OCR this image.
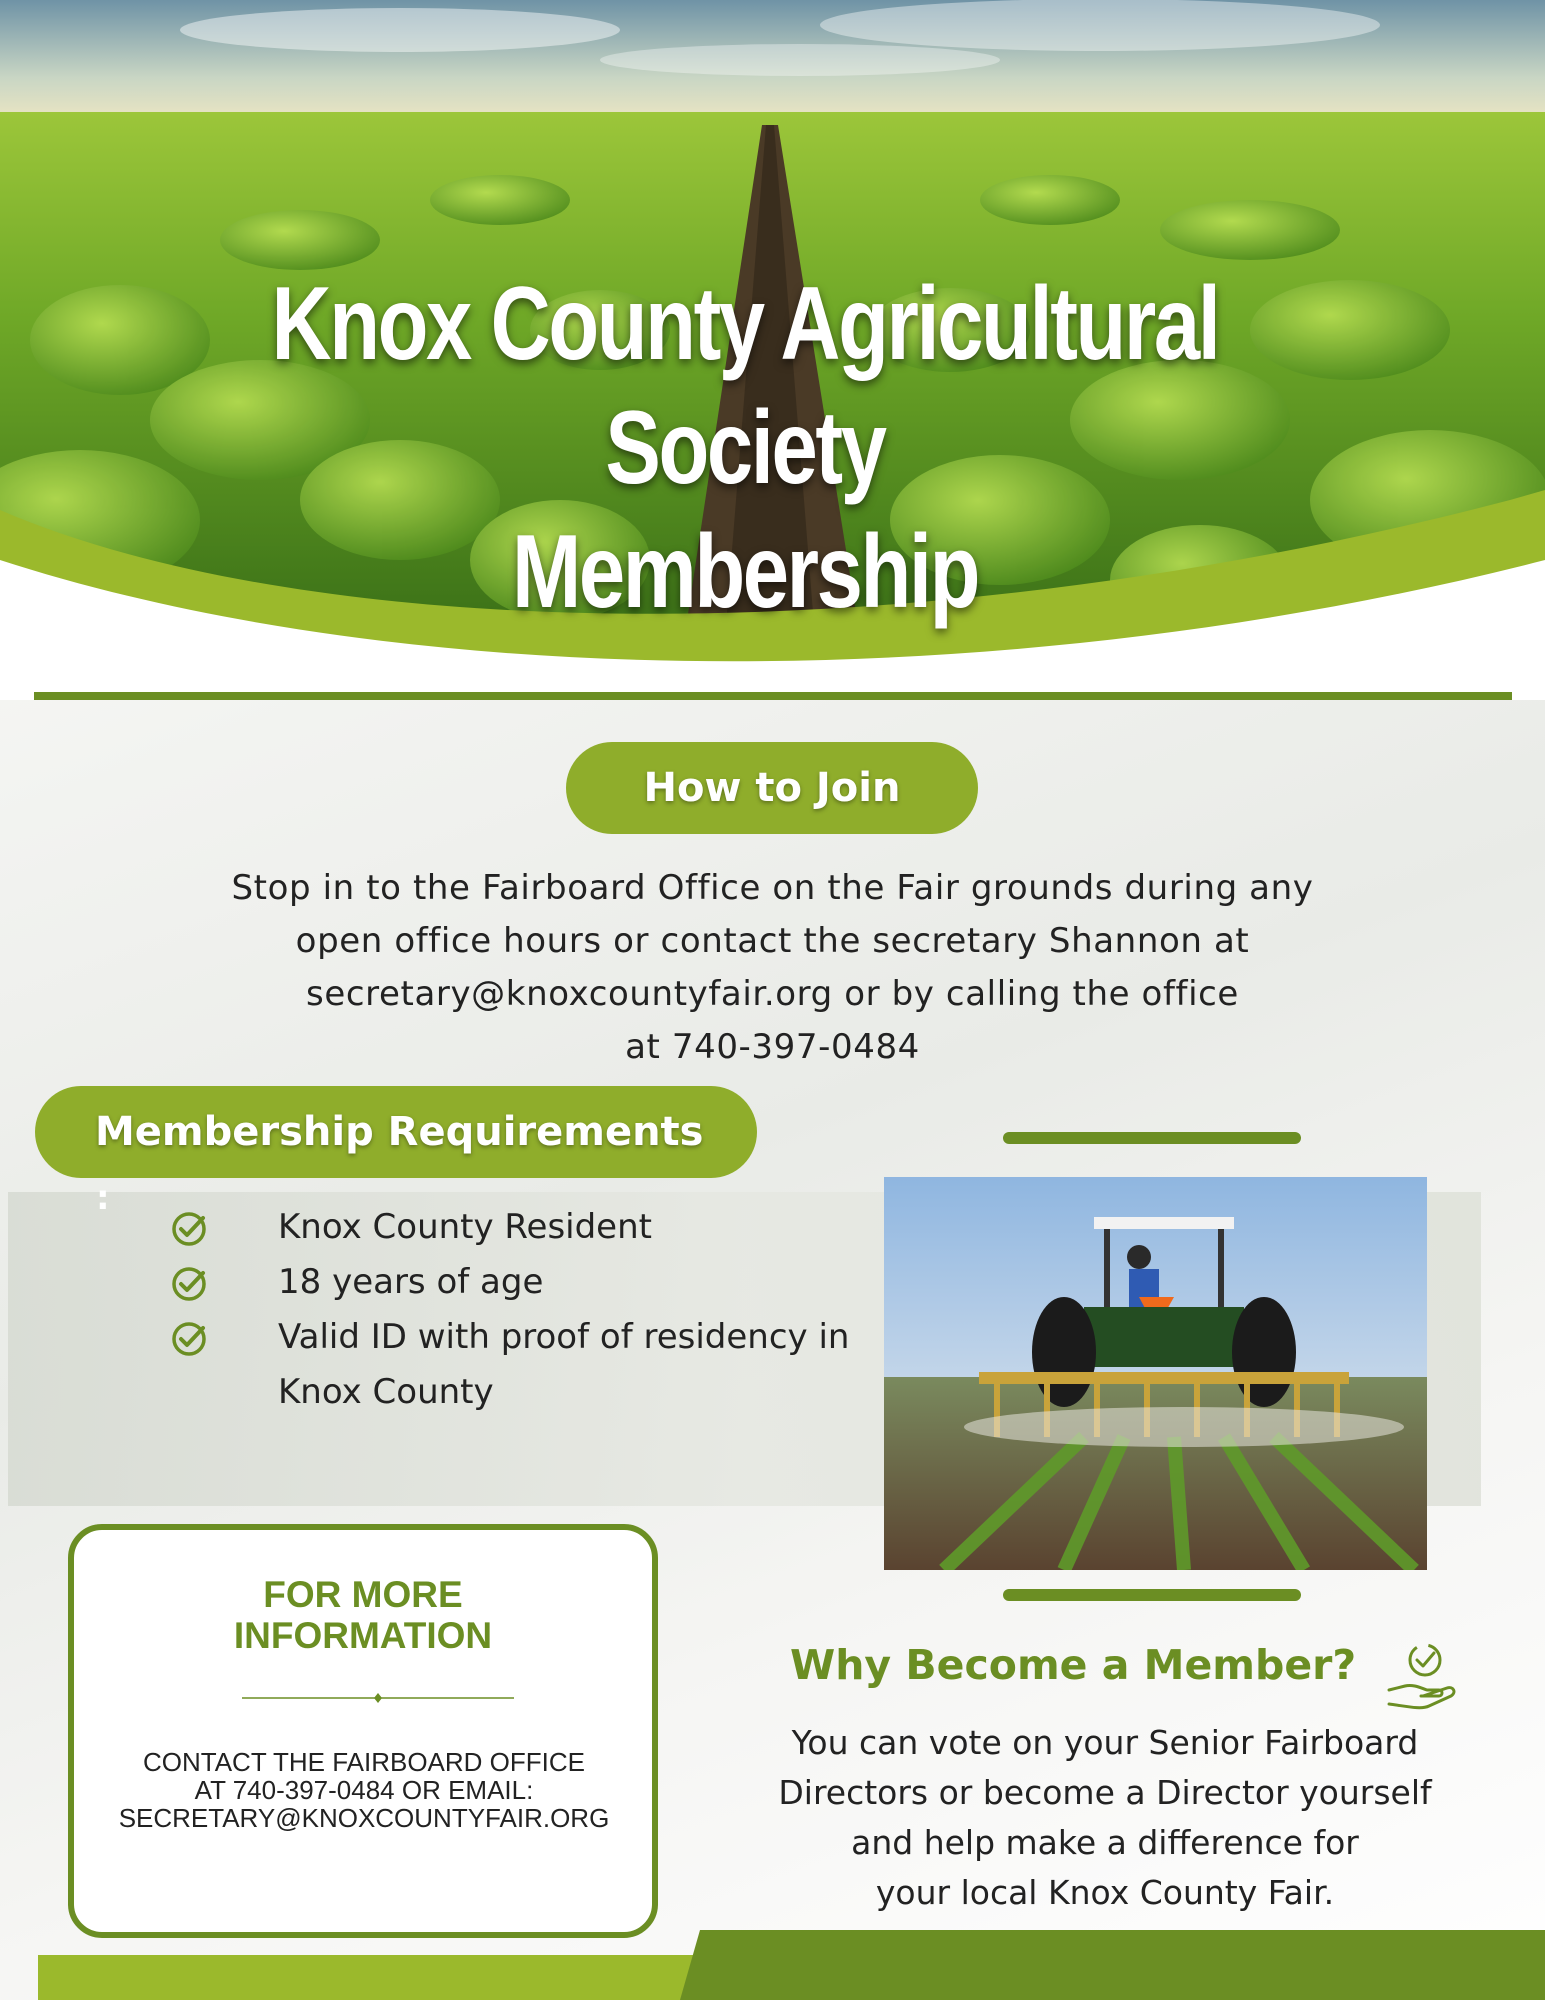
Knox County Agricultural Society
Membership
How to Join
Stop in to the Fairboard Office on the Fair grounds during any
open office hours or contact the secretary Shannon at
secretary@knoxcountyfair.org or by calling the office
at 740-397-0484
Membership Requirements
:
Knox County Resident
18 years of age
Valid ID with proof of residency in
Knox County
FOR MORE
INFORMATION
CONTACT THE FAIRBOARD OFFICE
AT 740-397-0484 OR EMAIL:
SECRETARY@KNOXCOUNTYFAIR.ORG
Why Become a Member?
You can vote on your Senior Fairboard
Directors or become a Director yourself
and help make a difference for
your local Knox County Fair.
